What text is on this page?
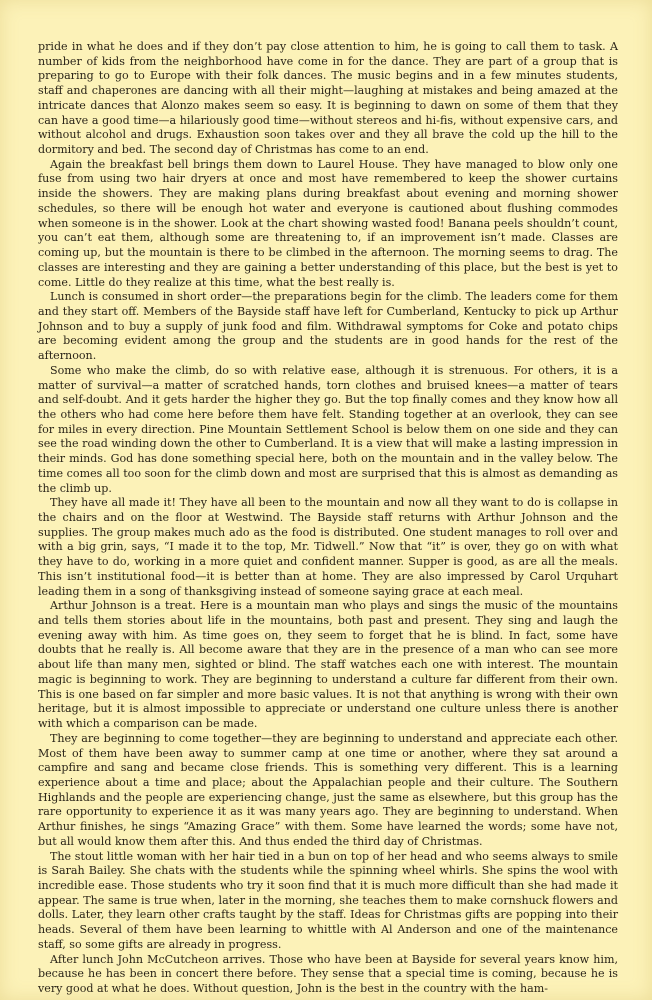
pride in what he does and if they don’t pay close attention to him, he is going to call them to task. A number of kids from the neighborhood have come in for the dance. They are part of a group that is preparing to go to Europe with their folk dances. The music begins and in a few minutes students, staff and chaperones are dancing with all their might—laughing at mistakes and being amazed at the intricate dances that Alonzo makes seem so easy. It is beginning to dawn on some of them that they can have a good time—a hilariously good time—without stereos and hi-fis, without expensive cars, and without alcohol and drugs. Exhaustion soon takes over and they all brave the cold up the hill to the dormitory and bed. The second day of Christmas has come to an end.

Again the breakfast bell brings them down to Laurel House. They have managed to blow only one fuse from using two hair dryers at once and most have remembered to keep the shower curtains inside the showers. They are making plans during breakfast about evening and morning shower schedules, so there will be enough hot water and everyone is cautioned about flushing commodes when someone is in the shower. Look at the chart showing wasted food! Banana peels shouldn’t count, you can’t eat them, although some are threatening to, if an improvement isn’t made. Classes are coming up, but the mountain is there to be climbed in the afternoon. The morning seems to drag. The classes are interesting and they are gaining a better understanding of this place, but the best is yet to come. Little do they realize at this time, what the best really is.

Lunch is consumed in short order—the preparations begin for the climb. The leaders come for them and they start off. Members of the Bayside staff have left for Cumberland, Kentucky to pick up Arthur Johnson and to buy a supply of junk food and film. Withdrawal symptoms for Coke and potato chips are becoming evident among the group and the students are in good hands for the rest of the afternoon.

Some who make the climb, do so with relative ease, although it is strenuous. For others, it is a matter of survival—a matter of scratched hands, torn clothes and bruised knees—a matter of tears and self-doubt. And it gets harder the higher they go. But the top finally comes and they know how all the others who had come here before them have felt. Standing together at an overlook, they can see for miles in every direction. Pine Mountain Settlement School is below them on one side and they can see the road winding down the other to Cumberland. It is a view that will make a lasting impression in their minds. God has done something special here, both on the mountain and in the valley below. The time comes all too soon for the climb down and most are surprised that this is almost as demanding as the climb up.

They have all made it! They have all been to the mountain and now all they want to do is collapse in the chairs and on the floor at Westwind. The Bayside staff returns with Arthur Johnson and the supplies. The group makes much ado as the food is distributed. One student manages to roll over and with a big grin, says, “I made it to the top, Mr. Tidwell.” Now that “it” is over, they go on with what they have to do, working in a more quiet and confident manner. Supper is good, as are all the meals. This isn’t institutional food—it is better than at home. They are also impressed by Carol Urquhart leading them in a song of thanksgiving instead of someone saying grace at each meal.

Arthur Johnson is a treat. Here is a mountain man who plays and sings the music of the mountains and tells them stories about life in the mountains, both past and present. They sing and laugh the evening away with him. As time goes on, they seem to forget that he is blind. In fact, some have doubts that he really is. All become aware that they are in the presence of a man who can see more about life than many men, sighted or blind. The staff watches each one with interest. The mountain magic is beginning to work. They are beginning to understand a culture far different from their own. This is one based on far simpler and more basic values. It is not that anything is wrong with their own heritage, but it is almost impossible to appreciate or understand one culture unless there is another with which a comparison can be made.

They are beginning to come together—they are beginning to understand and appreciate each other. Most of them have been away to summer camp at one time or another, where they sat around a campfire and sang and became close friends. This is something very different. This is a learning experience about a time and place; about the Appalachian people and their culture. The Southern Highlands and the people are experiencing change, just the same as elsewhere, but this group has the rare opportunity to experience it as it was many years ago. They are beginning to understand. When Arthur finishes, he sings “Amazing Grace” with them. Some have learned the words; some have not, but all would know them after this. And thus ended the third day of Christmas.

The stout little woman with her hair tied in a bun on top of her head and who seems always to smile is Sarah Bailey. She chats with the students while the spinning wheel whirls. She spins the wool with incredible ease. Those students who try it soon find that it is much more difficult than she had made it appear. The same is true when, later in the morning, she teaches them to make cornshuck flowers and dolls. Later, they learn other crafts taught by the staff. Ideas for Christmas gifts are popping into their heads. Several of them have been learning to whittle with Al Anderson and one of the maintenance staff, so some gifts are already in progress.

After lunch John McCutcheon arrives. Those who have been at Bayside for several years know him, because he has been in concert there before. They sense that a special time is coming, because he is very good at what he does. Without question, John is the best in the country with the ham-
